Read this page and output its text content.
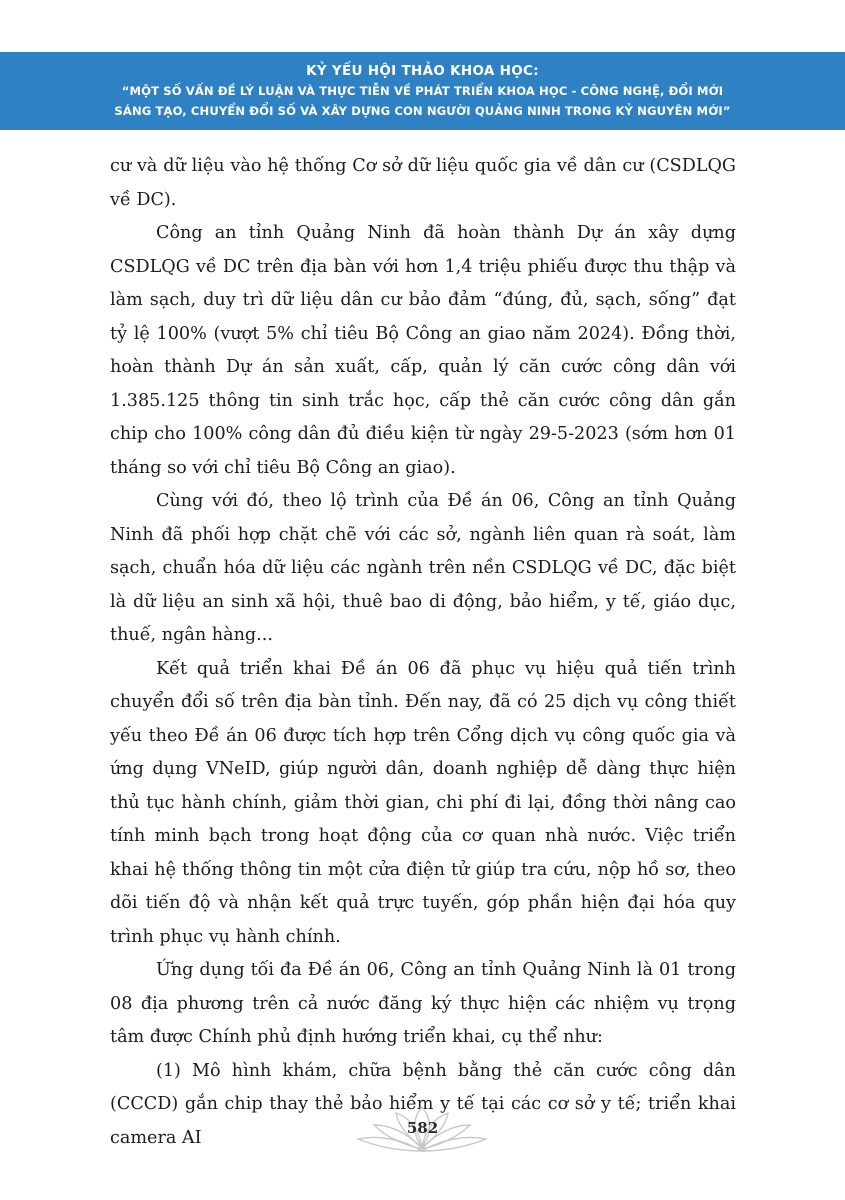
KỶ YẾU HỘI THẢO KHOA HỌC:
“MỘT SỐ VẤN ĐỀ LÝ LUẬN VÀ THỰC TIỄN VỀ PHÁT TRIỂN KHOA HỌC - CÔNG NGHỆ, ĐỔI MỚI
SÁNG TẠO, CHUYỂN ĐỔI SỐ VÀ XÂY DỰNG CON NGƯỜI QUẢNG NINH TRONG KỶ NGUYÊN MỚI”

cư và dữ liệu vào hệ thống Cơ sở dữ liệu quốc gia về dân cư (CSDLQG về DC).

Công an tỉnh Quảng Ninh đã hoàn thành Dự án xây dựng CSDLQG về DC trên địa bàn với hơn 1,4 triệu phiếu được thu thập và làm sạch, duy trì dữ liệu dân cư bảo đảm “đúng, đủ, sạch, sống” đạt tỷ lệ 100% (vượt 5% chỉ tiêu Bộ Công an giao năm 2024). Đồng thời, hoàn thành Dự án sản xuất, cấp, quản lý căn cước công dân với 1.385.125 thông tin sinh trắc học, cấp thẻ căn cước công dân gắn chip cho 100% công dân đủ điều kiện từ ngày 29-5-2023 (sớm hơn 01 tháng so với chỉ tiêu Bộ Công an giao).

Cùng với đó, theo lộ trình của Đề án 06, Công an tỉnh Quảng Ninh đã phối hợp chặt chẽ với các sở, ngành liên quan rà soát, làm sạch, chuẩn hóa dữ liệu các ngành trên nền CSDLQG về DC, đặc biệt là dữ liệu an sinh xã hội, thuê bao di động, bảo hiểm, y tế, giáo dục, thuế, ngân hàng...

Kết quả triển khai Đề án 06 đã phục vụ hiệu quả tiến trình chuyển đổi số trên địa bàn tỉnh. Đến nay, đã có 25 dịch vụ công thiết yếu theo Đề án 06 được tích hợp trên Cổng dịch vụ công quốc gia và ứng dụng VNeID, giúp người dân, doanh nghiệp dễ dàng thực hiện thủ tục hành chính, giảm thời gian, chi phí đi lại, đồng thời nâng cao tính minh bạch trong hoạt động của cơ quan nhà nước. Việc triển khai hệ thống thông tin một cửa điện tử giúp tra cứu, nộp hồ sơ, theo dõi tiến độ và nhận kết quả trực tuyến, góp phần hiện đại hóa quy trình phục vụ hành chính.

Ứng dụng tối đa Đề án 06, Công an tỉnh Quảng Ninh là 01 trong 08 địa phương trên cả nước đăng ký thực hiện các nhiệm vụ trọng tâm được Chính phủ định hướng triển khai, cụ thể như:

(1) Mô hình khám, chữa bệnh bằng thẻ căn cước công dân (CCCD) gắn chip thay thẻ bảo hiểm y tế tại các cơ sở y tế; triển khai camera AI	582
